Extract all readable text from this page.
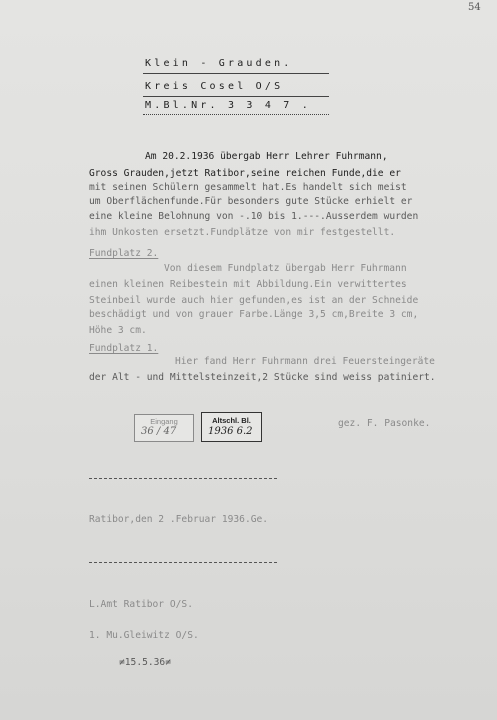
54
Klein - Grauden.
Kreis Cosel O/S
M.Bl.Nr. 3 3 4 7 .
Am 20.2.1936 übergab Herr Lehrer Fuhrmann,
Gross Grauden,jetzt Ratibor,seine reichen Funde,die er
mit seinen Schülern gesammelt hat.Es handelt sich meist
um Oberflächenfunde.Für besonders gute Stücke erhielt er
eine kleine Belohnung von -.10 bis 1.---.Ausserdem wurden
ihm Unkosten ersetzt.Fundplätze von mir festgestellt.
Fundplatz 2.
Von diesem Fundplatz übergab Herr Fuhrmann
einen kleinen Reibestein mit Abbildung.Ein verwittertes
Steinbeil wurde auch hier gefunden,es ist an der Schneide
beschädigt und von grauer Farbe.Länge 3,5 cm,Breite 3 cm,
Höhe 3 cm.
Fundplatz 1.
Hier fand Herr Fuhrmann drei Feuersteingeräte
der Alt - und Mittelsteinzeit,2 Stücke sind weiss patiniert.
Eingang
36 / 47
Altschl. Bl.
1936 6.2
gez. F. Pasonke.
Ratibor,den 2 .Februar 1936.Ge.
L.Amt Ratibor O/S.
1. Mu.Gleiwitz O/S.
≠15.5.36≠
